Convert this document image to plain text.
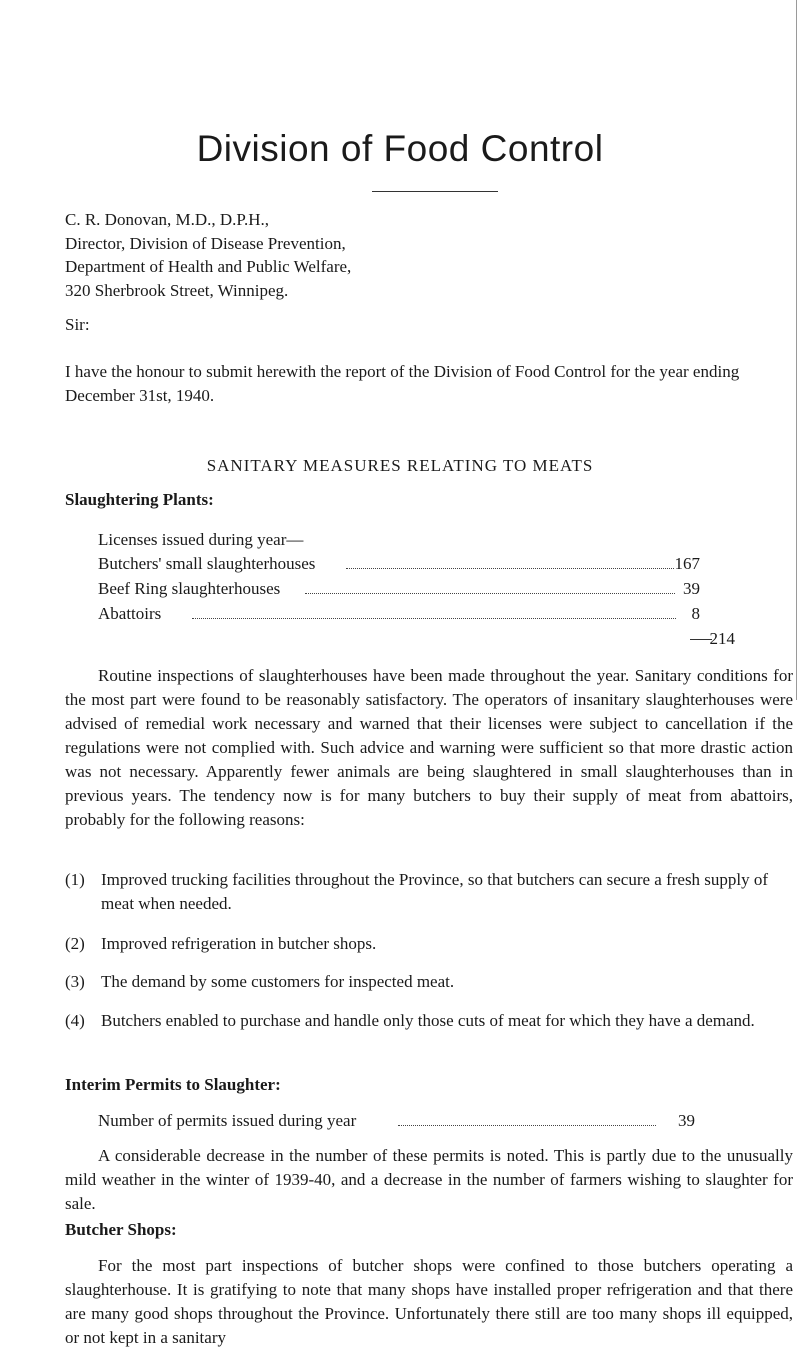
Division of Food Control
C. R. Donovan, M.D., D.P.H.,
Director, Division of Disease Prevention,
Department of Health and Public Welfare,
320 Sherbrook Street, Winnipeg.
Sir:
I have the honour to submit herewith the report of the Division of Food Control for the year ending December 31st, 1940.
SANITARY MEASURES RELATING TO MEATS
Slaughtering Plants:
Licenses issued during year—
Butchers' small slaughterhouses	167
Beef Ring slaughterhouses	39
Abattoirs	8
214
Routine inspections of slaughterhouses have been made throughout the year. Sanitary conditions for the most part were found to be reasonably satisfactory. The operators of insanitary slaughterhouses were advised of remedial work necessary and warned that their licenses were subject to cancellation if the regulations were not complied with. Such advice and warning were sufficient so that more drastic action was not necessary. Apparently fewer animals are being slaughtered in small slaughterhouses than in previous years. The tendency now is for many butchers to buy their supply of meat from abattoirs, probably for the following reasons:
(1) Improved trucking facilities throughout the Province, so that butchers can secure a fresh supply of meat when needed.
(2) Improved refrigeration in butcher shops.
(3) The demand by some customers for inspected meat.
(4) Butchers enabled to purchase and handle only those cuts of meat for which they have a demand.
Interim Permits to Slaughter:
Number of permits issued during year	39
A considerable decrease in the number of these permits is noted. This is partly due to the unusually mild weather in the winter of 1939-40, and a decrease in the number of farmers wishing to slaughter for sale.
Butcher Shops:
For the most part inspections of butcher shops were confined to those butchers operating a slaughterhouse. It is gratifying to note that many shops have installed proper refrigeration and that there are many good shops throughout the Province. Unfortunately there still are too many shops ill equipped, or not kept in a sanitary
